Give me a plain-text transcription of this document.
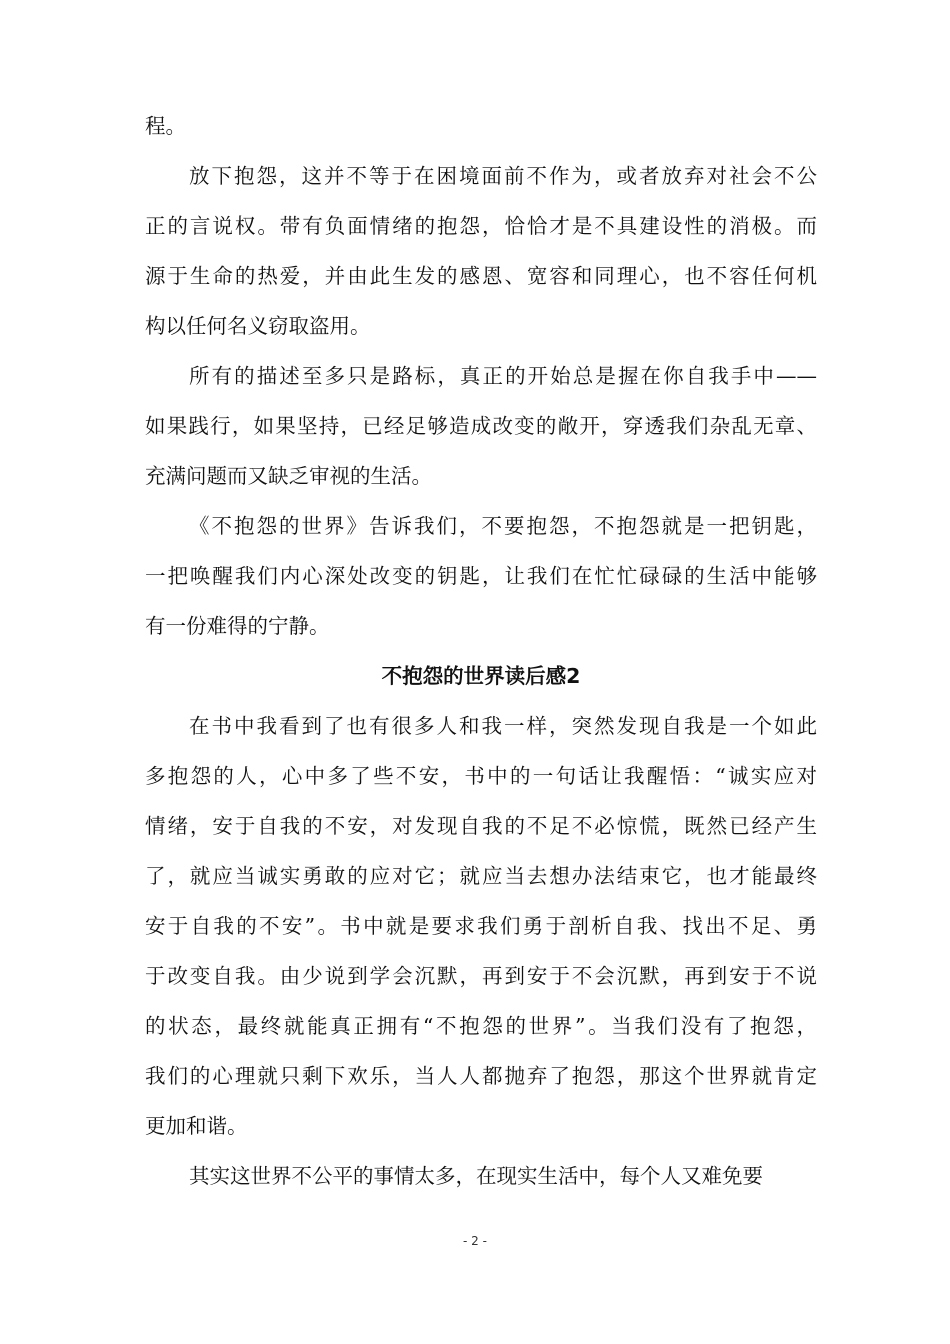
程。
放下抱怨，这并不等于在困境面前不作为，或者放弃对社会不公
正的言说权。带有负面情绪的抱怨，恰恰才是不具建设性的消极。而
源于生命的热爱，并由此生发的感恩、宽容和同理心，也不容任何机
构以任何名义窃取盗用。
所有的描述至多只是路标，真正的开始总是握在你自我手中——
如果践行，如果坚持，已经足够造成改变的敞开，穿透我们杂乱无章、
充满问题而又缺乏审视的生活。
《不抱怨的世界》告诉我们，不要抱怨，不抱怨就是一把钥匙，
一把唤醒我们内心深处改变的钥匙，让我们在忙忙碌碌的生活中能够
有一份难得的宁静。
不抱怨的世界读后感2
在书中我看到了也有很多人和我一样，突然发现自我是一个如此
多抱怨的人，心中多了些不安，书中的一句话让我醒悟：“诚实应对
情绪，安于自我的不安，对发现自我的不足不必惊慌，既然已经产生
了，就应当诚实勇敢的应对它；就应当去想办法结束它，也才能最终
安于自我的不安”。书中就是要求我们勇于剖析自我、找出不足、勇
于改变自我。由少说到学会沉默，再到安于不会沉默，再到安于不说
的状态，最终就能真正拥有“不抱怨的世界”。当我们没有了抱怨，
我们的心理就只剩下欢乐，当人人都抛弃了抱怨，那这个世界就肯定
更加和谐。
其实这世界不公平的事情太多，在现实生活中，每个人又难免要
- 2 -
